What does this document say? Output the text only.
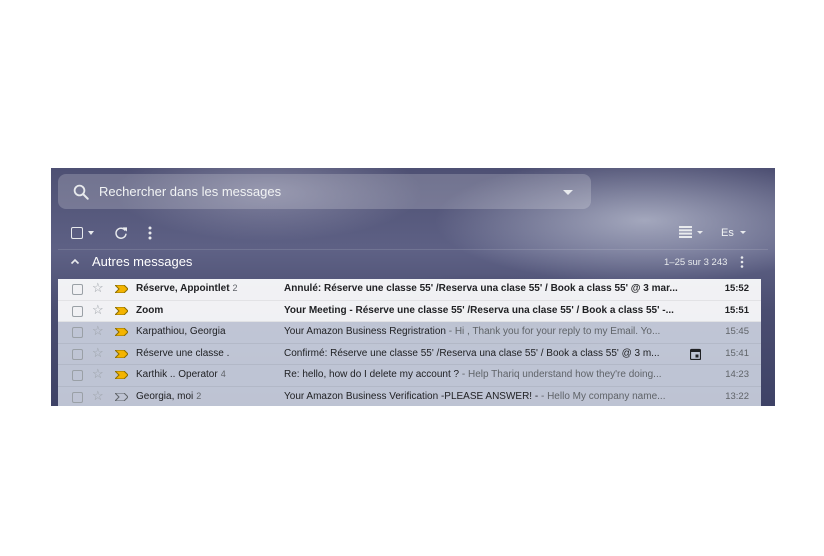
Rechercher dans les messages
Es
Autres messages	1–25 sur 3 243
☆	Réserve, Appointlet 2	Annulé: Réserve une classe 55' /Reserva una clase 55' / Book a class 55' @ 3 mar...	15:52
☆	Zoom	Your Meeting - Réserve une classe 55' /Reserva una clase 55' / Book a class 55' -...	15:51
☆	Karpathiou, Georgia	Your Amazon Business Regristration - Hi , Thank you for your reply to my Email. Yo...	15:45
☆	Réserve une classe .	Confirmé: Réserve une classe 55' /Reserva una clase 55' / Book a class 55' @ 3 m...	15:41
☆	Karthik .. Operator 4	Re: hello, how do I delete my account ? - Help Thariq understand how they're doing...	14:23
☆	Georgia, moi 2	Your Amazon Business Verification -PLEASE ANSWER! - - Hello My company name...	13:22
